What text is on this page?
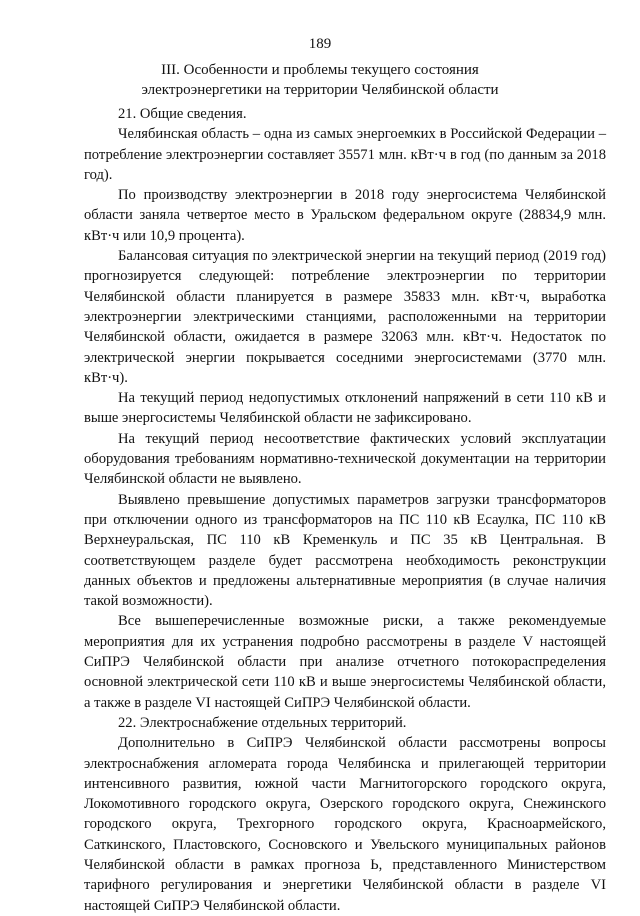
189
III. Особенности и проблемы текущего состояния электроэнергетики на территории Челябинской области

21. Общие сведения.

Челябинская область – одна из самых энергоемких в Российской Федерации – потребление электроэнергии составляет 35571 млн. кВт·ч в год (по данным за 2018 год).

По производству электроэнергии в 2018 году энергосистема Челябинской области заняла четвертое место в Уральском федеральном округе (28834,9 млн. кВт·ч или 10,9 процента).

Балансовая ситуация по электрической энергии на текущий период (2019 год) прогнозируется следующей: потребление электроэнергии по территории Челябинской области планируется в размере 35833 млн. кВт·ч, выработка электроэнергии электрическими станциями, расположенными на территории Челябинской области, ожидается в размере 32063 млн. кВт·ч. Недостаток по электрической энергии покрывается соседними энергосистемами (3770 млн. кВт·ч).

На текущий период недопустимых отклонений напряжений в сети 110 кВ и выше энергосистемы Челябинской области не зафиксировано.

На текущий период несоответствие фактических условий эксплуатации оборудования требованиям нормативно-технической документации на территории Челябинской области не выявлено.

Выявлено превышение допустимых параметров загрузки трансформаторов при отключении одного из трансформаторов на ПС 110 кВ Есаулка, ПС 110 кВ Верхнеуральская, ПС 110 кВ Кременкуль и ПС 35 кВ Центральная. В соответствующем разделе будет рассмотрена необходимость реконструкции данных объектов и предложены альтернативные мероприятия (в случае наличия такой возможности).

Все вышеперечисленные возможные риски, а также рекомендуемые мероприятия для их устранения подробно рассмотрены в разделе V настоящей СиПРЭ Челябинской области при анализе отчетного потокораспределения основной электрической сети 110 кВ и выше энергосистемы Челябинской области, а также в разделе VI настоящей СиПРЭ Челябинской области.

22. Электроснабжение отдельных территорий.

Дополнительно в СиПРЭ Челябинской области рассмотрены вопросы электроснабжения агломерата города Челябинска и прилегающей территории интенсивного развития, южной части Магнитогорского городского округа, Локомотивного городского округа, Озерского городского округа, Снежинского городского округа, Трехгорного городского округа, Красноармейского, Саткинского, Пластовского, Сосновского и Увельского муниципальных районов Челябинской области в рамках прогноза Ь, представленного Министерством тарифного регулирования и энергетики Челябинской области в разделе VI настоящей СиПРЭ Челябинской области.
